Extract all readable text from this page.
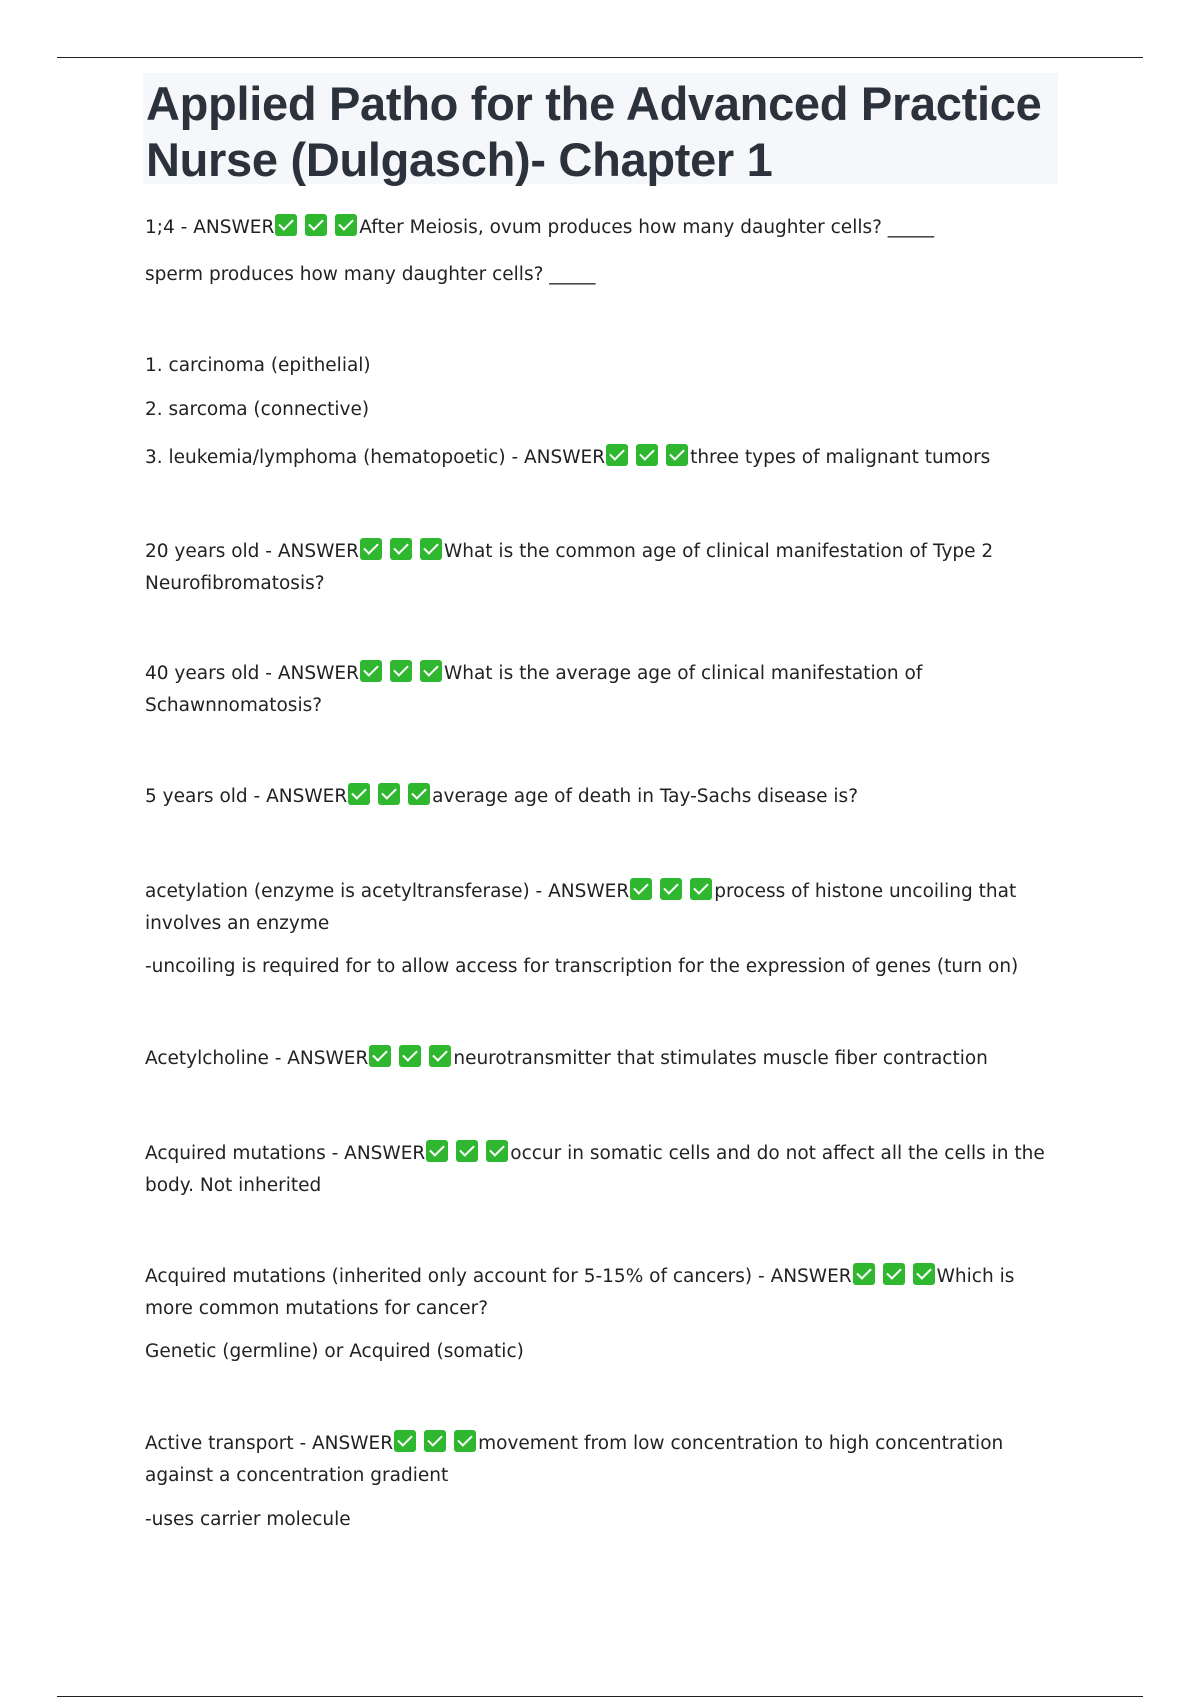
Applied Patho for the Advanced Practice Nurse (Dulgasch)- Chapter 1
1;4 - ANSWER	After Meiosis, ovum produces how many daughter cells? _____
sperm produces how many daughter cells? _____
1. carcinoma (epithelial)
2. sarcoma (connective)
3. leukemia/lymphoma (hematopoetic) - ANSWER	three types of malignant tumors
20 years old - ANSWER	What is the common age of clinical manifestation of Type 2 Neurofibromatosis?
40 years old - ANSWER	What is the average age of clinical manifestation of Schawnnomatosis?
5 years old - ANSWER	average age of death in Tay-Sachs disease is?
acetylation (enzyme is acetyltransferase) - ANSWER	process of histone uncoiling that involves an enzyme
-uncoiling is required for to allow access for transcription for the expression of genes (turn on)
Acetylcholine - ANSWER	neurotransmitter that stimulates muscle fiber contraction
Acquired mutations - ANSWER	occur in somatic cells and do not affect all the cells in the body. Not inherited
Acquired mutations (inherited only account for 5-15% of cancers) - ANSWER	Which is more common mutations for cancer?
Genetic (germline) or Acquired (somatic)
Active transport - ANSWER	movement from low concentration to high concentration against a concentration gradient
-uses carrier molecule
